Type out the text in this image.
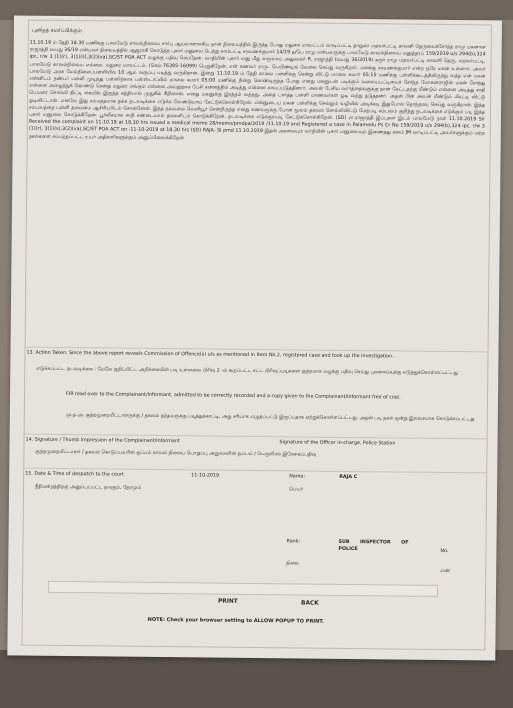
புனிதத் சமர்ப்பிக்கும்
11.10.19 ம் தேதி 18.30 மணிக்கு பாலமேடு காவல்நிலைய சார்பு ஆய்வாளராகிய நான் நிலையத்தில் இருந்த போது மதுரை மாவட்டம் வாடிப்பட்டி தாலுகா மறவர்பட்டி காலனி தெருவைச்சேர்ந்த ராமு மகனான ராஜாத்தி வயது 36/19 என்பவர் நிலையத்தில் ஆஜராகி கொடுத்த புகார் மனுவை பெற்று காம்பட்டி சரவணக்குமார் 14/19 த/பெ ராமு என்பவருக்கு பாலமேடு காவல்நிலைய மனுத்தரப் 159/2019 u/s 294(b),324 ipc, r/w 3 (1)(r), 3(1)(s),3(2)(va),SC/ST POA ACT வழக்கு பதிவு செய்தேன். வாதியின் புகார் மனு மீது வருவாய் அலுவலர் R. ராஜாத்தி (வயது 36/2019) கரூர் ராமு மறவர்பட்டி காலனி தெரு, மறவர்பட்டி, பாலமேடு காவல்நிலைய எல்லை. மதுரை மாவட்டம். (செல்-76395-16099) பெறுகிறேன். என் கணவர் ராமு. பெயிண்டிங் வேலை செய்து வருகிறார். எனக்கு சரவணக்குமார் என்ற ஒரே மகன் உள்ளார். அவர் பாலமேடு அரசு மேல்நிலைப்பள்ளியில் 10 ஆம் வகுப்பு படித்து வருகிறான். இன்று 11.10.19 ம் தேதி காலை பள்ளிக்கு சென்று விட்டு மாலை சுமார் 05:15 மணிக்கு பள்ளிக்கூடத்திலிருந்து வந்த என் மகன் என்னிடம் நண்பர் பள்ளி முடிந்து பஸ்ஸிற்காக பஸ்ஸ்டாப்பில் மாலை சுமார் 05:00 மணிக்கு நின்று கொண்டிருந்த போது எனது மகனுடன் படிக்கும் வலையபட்டியைச் சேர்ந்த மோகனராஜின் மகன் சேர்ந்து என்னை அழைத்துக் கொண்டு சென்று மதுரை எங்கும் என்னை அவதூறாக பேசி கன்னத்தில் அடித்து என்னை காயப்படுத்தினார். அவன் பேசிய வார்த்தைகளுக்கு நான் கேட்டதற்கு மீண்டும் என்னை அடித்து சாதி பெயரை சொல்லி திட்டி கையில் இருந்த கத்தியால் முதுகில் கீறினான். எனது மகனுக்கு இரத்தம் வந்தது. அதை பார்த்த பள்ளி மாணவர்கள் ஓடி வந்து தடுத்தனர். அதன் பின் அவன் மீண்டும் மிரட்டி விட்டு ஓடிவிட்டான். எனவே இது சம்மந்தமாக தக்க நடவடிக்கை எடுக்க வேண்டுமாய் கேட்டுக்கொள்கிறேன். என்னுடைய மகன் பள்ளிக்கு செல்லும் வழியில் அடிக்கடி இதுபோல் தொந்தரவு செய்து வருகிறான். இந்த சம்பவத்தை பள்ளி தலைமை ஆசிரியரிடம் சொன்னேன். இந்த தகவலை வெளியூர் சென்றிருந்த எனது கணவருக்கு போன் மூலம் தகவல் சொல்லிவிட்டு மேற்படி சம்பவம் குறித்து நடவடிக்கை எடுக்கும் படி இந்த புகார் மனுவை கொடுக்கிறேன். பூர்வீகமாக சாதி சண்டையால் தங்களிடம் கொடுக்கிறேன். நடவடிக்கை எடுக்கும்படி கேட்டுக்கொள்கிறேன். (SD) ரா.ராஜாத்தி இப்புகார் இடம் பாலமேடு நாள் 11.10.2019 Sir Received the complaint on 11.10.19 at 18.30 hrs issued a medical memo 28/memo/pmdpa/2019 /11.10.19 and Registered a case in Palamedu Ps Cr No 159/2019 u/s 294(b),324 ipc, r/w 3 (1)(r), 3(1)(s),3(2)(va),SC/ST POA ACT on -11-10-2019 at 18.30 hrs (SD) RAJA- SI pmd 11.10.2019 இதன் அசலையும் வாதியின் புகார் மனுவையும் இணைத்து கனம் JM வாடிப்பட்டி அவர்களுக்கும் மற்ற நகல்களை சம்பந்தப்பட்ட உயர் அதிகாரிகளுக்கும் அனுப்பிவைக்கிறேன்
13. Action Taken: Since the above report reveals Commission of Offence(s) u/s as mentioned in Item No.2, registered case and took up the investigation.
எடுக்கப்பட்ட நடவடிக்கை : மேலே குறிப்பிட்ட அறிக்கையின் படி உள்ளவை பிரிவு 2 -ல் கூறப்பட்ட சட்ட பிரிவுப்படிகளை குற்றமாக வழக்கு பதிவு செய்து புலனாய்வுக்கு எடுத்துக்கொள்ளப்பட்டது
FIR read over to the Complainant/Informant, admitted to be correctly recorded and a copy given to the Complainant/Informant free of cost.
மு.த.அ. குற்றமுறையீட்டாளருக்கு / தகவல் தந்தவருக்கு படித்துக்காட்டி, அது சரியாக எழுதப்பட்டு இருப்பதாக ஏற்றுக்கொள்ளப்பட்டது. அதன் படி நகல் ஒன்று இலவசமாக கொடுக்கப்பட்டது
14. Signature / Thumb Impression of the Complainant/Informant	Signature of the Officer in-charge, Police Station
குற்றமுறையீட்டாளர் / தகவல் கொடுப்பவரின் ஒப்பம் காவல் நிலைய பொறுப்பு அலுவலரின் ஒப்பம் / பெருவிரல் இரேகைப்பதிவு
15. Date & Time of despatch to the court	11-10-2019	Name:	RAJA C
நீதிமன்றத்திற்கு அனுப்பப்பட்ட நாளும், நேரமும்	பெயர்
Rank:	SUB INSPECTOR OF POLICE	No.
நிலை
எண்
PRINT	BACK
NOTE: Check your browser setting to ALLOW POPUP TO PRINT.
